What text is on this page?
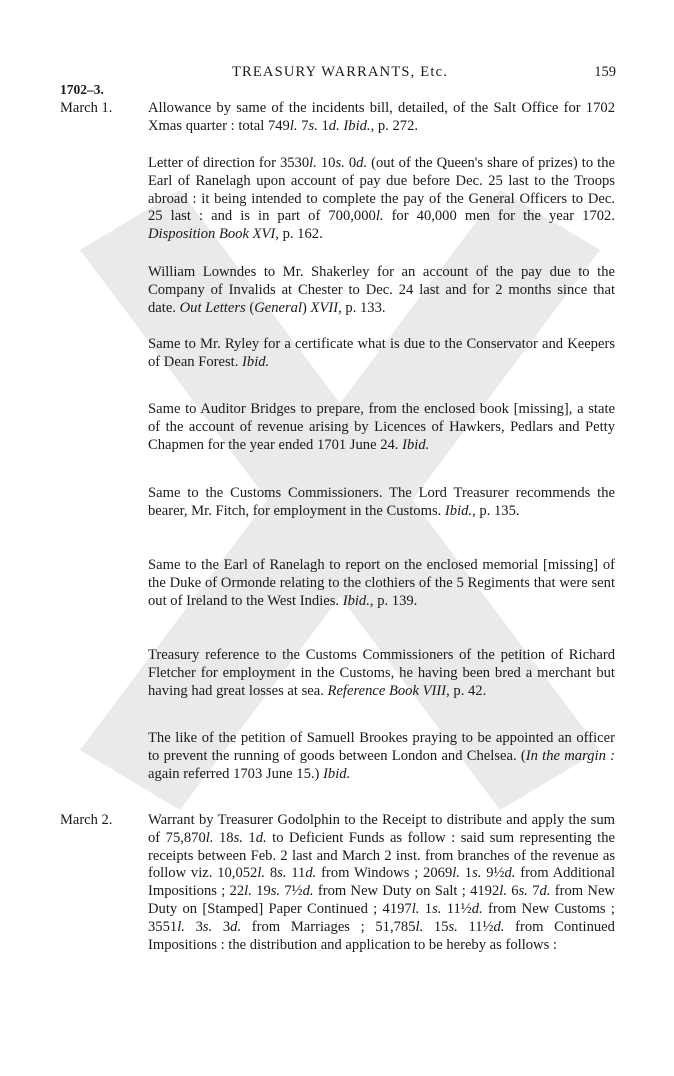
TREASURY WARRANTS, Etc.	159
1702–3.
March 1. Allowance by same of the incidents bill, detailed, of the Salt Office for 1702 Xmas quarter : total 749l. 7s. 1d. Ibid., p. 272.
Letter of direction for 3530l. 10s. 0d. (out of the Queen's share of prizes) to the Earl of Ranelagh upon account of pay due before Dec. 25 last to the Troops abroad : it being intended to complete the pay of the General Officers to Dec. 25 last : and is in part of 700,000l. for 40,000 men for the year 1702. Disposition Book XVI, p. 162.
William Lowndes to Mr. Shakerley for an account of the pay due to the Company of Invalids at Chester to Dec. 24 last and for 2 months since that date. Out Letters (General) XVII, p. 133.
Same to Mr. Ryley for a certificate what is due to the Conservator and Keepers of Dean Forest. Ibid.
Same to Auditor Bridges to prepare, from the enclosed book [missing], a state of the account of revenue arising by Licences of Hawkers, Pedlars and Petty Chapmen for the year ended 1701 June 24. Ibid.
Same to the Customs Commissioners. The Lord Treasurer recommends the bearer, Mr. Fitch, for employment in the Customs. Ibid., p. 135.
Same to the Earl of Ranelagh to report on the enclosed memorial [missing] of the Duke of Ormonde relating to the clothiers of the 5 Regiments that were sent out of Ireland to the West Indies. Ibid., p. 139.
Treasury reference to the Customs Commissioners of the petition of Richard Fletcher for employment in the Customs, he having been bred a merchant but having had great losses at sea. Reference Book VIII, p. 42.
The like of the petition of Samuell Brookes praying to be appointed an officer to prevent the running of goods between London and Chelsea. (In the margin : again referred 1703 June 15.) Ibid.
March 2. Warrant by Treasurer Godolphin to the Receipt to distribute and apply the sum of 75,870l. 18s. 1d. to Deficient Funds as follow : said sum representing the receipts between Feb. 2 last and March 2 inst. from branches of the revenue as follow viz. 10,052l. 8s. 11d. from Windows ; 2069l. 1s. 9½d. from Additional Impositions ; 22l. 19s. 7½d. from New Duty on Salt ; 4192l. 6s. 7d. from New Duty on [Stamped] Paper Continued ; 4197l. 1s. 11½d. from New Customs ; 3551l. 3s. 3d. from Marriages ; 51,785l. 15s. 11½d. from Continued Impositions : the distribution and application to be hereby as follows :
